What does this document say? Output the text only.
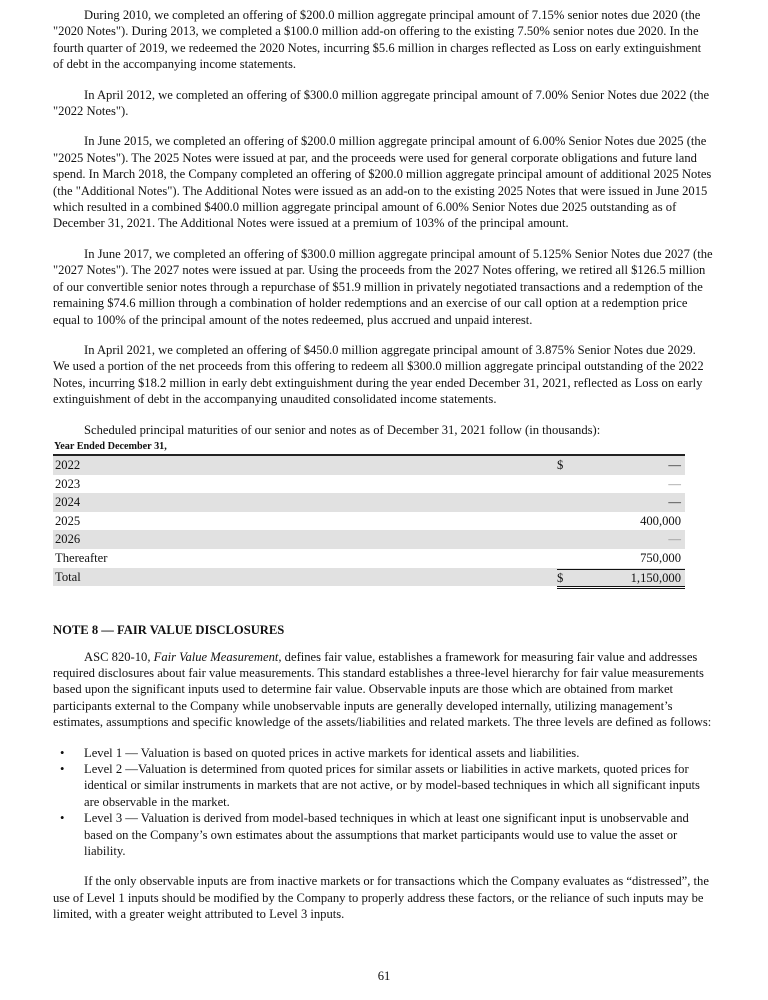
During 2010, we completed an offering of $200.0 million aggregate principal amount of 7.15% senior notes due 2020 (the "2020 Notes"). During 2013, we completed a $100.0 million add-on offering to the existing 7.50% senior notes due 2020. In the fourth quarter of 2019, we redeemed the 2020 Notes, incurring $5.6 million in charges reflected as Loss on early extinguishment of debt in the accompanying income statements.

In April 2012, we completed an offering of $300.0 million aggregate principal amount of 7.00% Senior Notes due 2022 (the "2022 Notes").

In June 2015, we completed an offering of $200.0 million aggregate principal amount of 6.00% Senior Notes due 2025 (the "2025 Notes"). The 2025 Notes were issued at par, and the proceeds were used for general corporate obligations and future land spend. In March 2018, the Company completed an offering of $200.0 million aggregate principal amount of additional 2025 Notes (the "Additional Notes"). The Additional Notes were issued as an add-on to the existing 2025 Notes that were issued in June 2015 which resulted in a combined $400.0 million aggregate principal amount of 6.00% Senior Notes due 2025 outstanding as of December 31, 2021. The Additional Notes were issued at a premium of 103% of the principal amount.

In June 2017, we completed an offering of $300.0 million aggregate principal amount of 5.125% Senior Notes due 2027 (the "2027 Notes"). The 2027 notes were issued at par. Using the proceeds from the 2027 Notes offering, we retired all $126.5 million of our convertible senior notes through a repurchase of $51.9 million in privately negotiated transactions and a redemption of the remaining $74.6 million through a combination of holder redemptions and an exercise of our call option at a redemption price equal to 100% of the principal amount of the notes redeemed, plus accrued and unpaid interest.

In April 2021, we completed an offering of $450.0 million aggregate principal amount of 3.875% Senior Notes due 2029. We used a portion of the net proceeds from this offering to redeem all $300.0 million aggregate principal outstanding of the 2022 Notes, incurring $18.2 million in early debt extinguishment during the year ended December 31, 2021, reflected as Loss on early extinguishment of debt in the accompanying unaudited consolidated income statements.

Scheduled principal maturities of our senior and notes as of December 31, 2021 follow (in thousands):

Year Ended December 31,
2022	$	—
2023	—
2024	—
2025	400,000
2026	—
Thereafter	750,000
Total	$	1,150,000
NOTE 8 — FAIR VALUE DISCLOSURES

ASC 820-10, Fair Value Measurement, defines fair value, establishes a framework for measuring fair value and addresses required disclosures about fair value measurements. This standard establishes a three-level hierarchy for fair value measurements based upon the significant inputs used to determine fair value. Observable inputs are those which are obtained from market participants external to the Company while unobservable inputs are generally developed internally, utilizing management’s estimates, assumptions and specific knowledge of the assets/liabilities and related markets. The three levels are defined as follows:

• Level 1 — Valuation is based on quoted prices in active markets for identical assets and liabilities.
• Level 2 —Valuation is determined from quoted prices for similar assets or liabilities in active markets, quoted prices for identical or similar instruments in markets that are not active, or by model-based techniques in which all significant inputs are observable in the market.
• Level 3 — Valuation is derived from model-based techniques in which at least one significant input is unobservable and based on the Company’s own estimates about the assumptions that market participants would use to value the asset or liability.

If the only observable inputs are from inactive markets or for transactions which the Company evaluates as “distressed”, the use of Level 1 inputs should be modified by the Company to properly address these factors, or the reliance of such inputs may be limited, with a greater weight attributed to Level 3 inputs.

61
